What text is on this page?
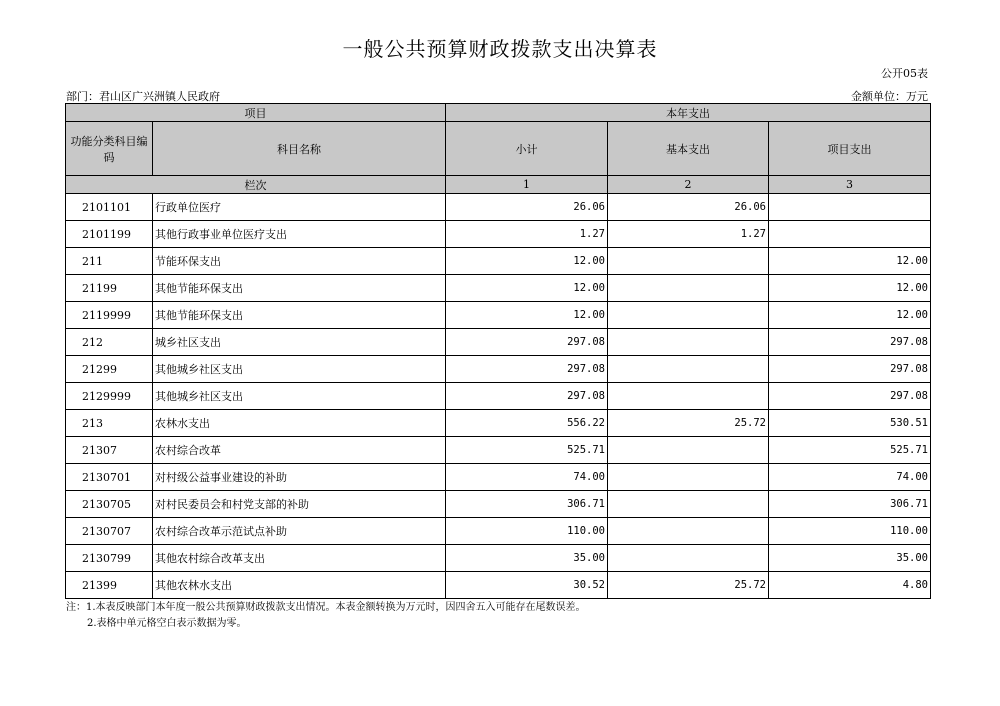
一般公共预算财政拨款支出决算表
公开05表
部门：君山区广兴洲镇人民政府	金额单位：万元
项目		本年支出		
功能分类科目编码	科目名称	小计	基本支出	项目支出
栏次		1	2	3
2101101	行政单位医疗	26.06	26.06	
2101199	其他行政事业单位医疗支出	1.27	1.27	
211	节能环保支出	12.00		12.00
21199	其他节能环保支出	12.00		12.00
2119999	其他节能环保支出	12.00		12.00
212	城乡社区支出	297.08		297.08
21299	其他城乡社区支出	297.08		297.08
2129999	其他城乡社区支出	297.08		297.08
213	农林水支出	556.22	25.72	530.51
21307	农村综合改革	525.71		525.71
2130701	对村级公益事业建设的补助	74.00		74.00
2130705	对村民委员会和村党支部的补助	306.71		306.71
2130707	农村综合改革示范试点补助	110.00		110.00
2130799	其他农村综合改革支出	35.00		35.00
21399	其他农林水支出	30.52	25.72	4.80
注：1.本表反映部门本年度一般公共预算财政拨款支出情况。本表金额转换为万元时，因四舍五入可能存在尾数误差。
2.表格中单元格空白表示数据为零。
